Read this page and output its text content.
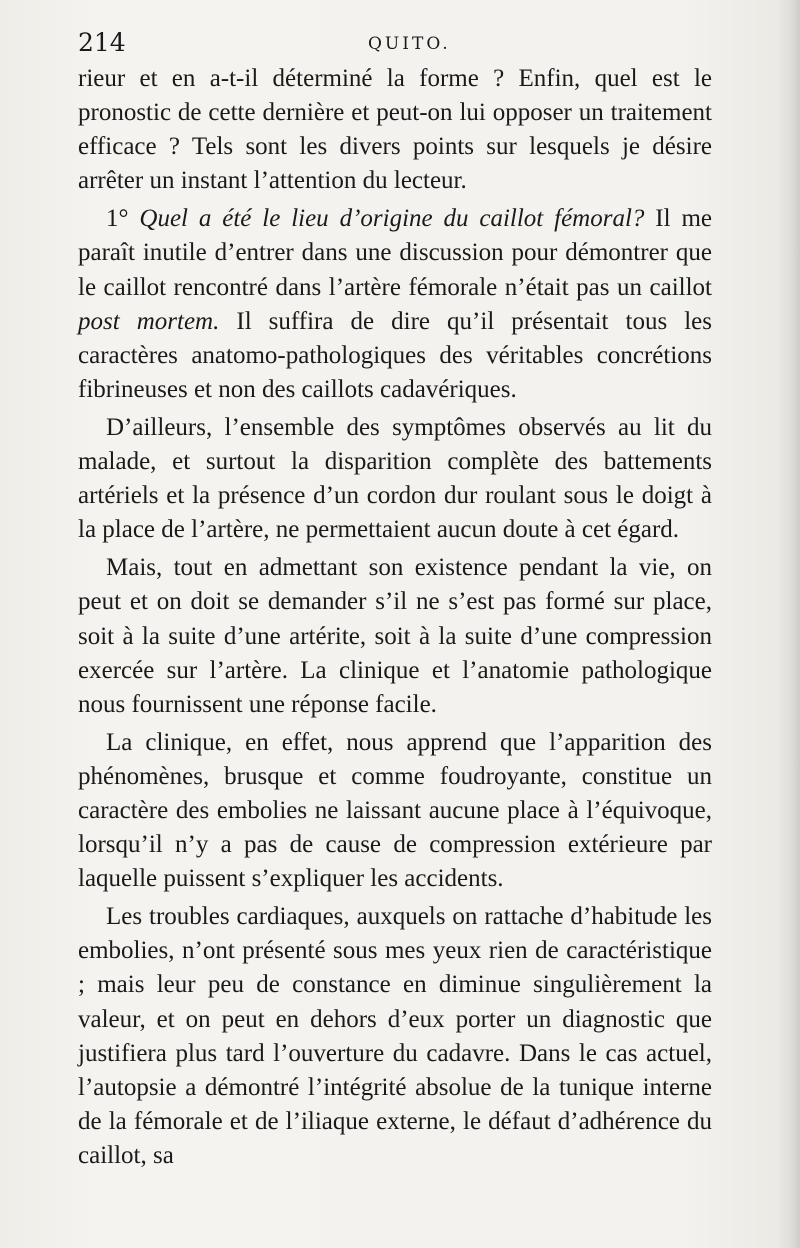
214	QUITO.

rieur et en a-t-il déterminé la forme ? Enfin, quel est le pronostic de cette dernière et peut-on lui opposer un traitement efficace ? Tels sont les divers points sur lesquels je désire arrêter un instant l’attention du lecteur.

1° Quel a été le lieu d’origine du caillot fémoral? Il me paraît inutile d’entrer dans une discussion pour démontrer que le caillot rencontré dans l’artère fémorale n’était pas un caillot post mortem. Il suffira de dire qu’il présentait tous les caractères anatomo-pathologiques des véritables concrétions fibrineuses et non des caillots cadavériques.

D’ailleurs, l’ensemble des symptômes observés au lit du malade, et surtout la disparition complète des battements artériels et la présence d’un cordon dur roulant sous le doigt à la place de l’artère, ne permettaient aucun doute à cet égard.

Mais, tout en admettant son existence pendant la vie, on peut et on doit se demander s’il ne s’est pas formé sur place, soit à la suite d’une artérite, soit à la suite d’une compression exercée sur l’artère. La clinique et l’anatomie pathologique nous fournissent une réponse facile.

La clinique, en effet, nous apprend que l’apparition des phénomènes, brusque et comme foudroyante, constitue un caractère des embolies ne laissant aucune place à l’équivoque, lorsqu’il n’y a pas de cause de compression extérieure par laquelle puissent s’expliquer les accidents.

Les troubles cardiaques, auxquels on rattache d’habitude les embolies, n’ont présenté sous mes yeux rien de caractéristique ; mais leur peu de constance en diminue singulièrement la valeur, et on peut en dehors d’eux porter un diagnostic que justifiera plus tard l’ouverture du cadavre. Dans le cas actuel, l’autopsie a démontré l’intégrité absolue de la tunique interne de la fémorale et de l’iliaque externe, le défaut d’adhérence du caillot, sa
